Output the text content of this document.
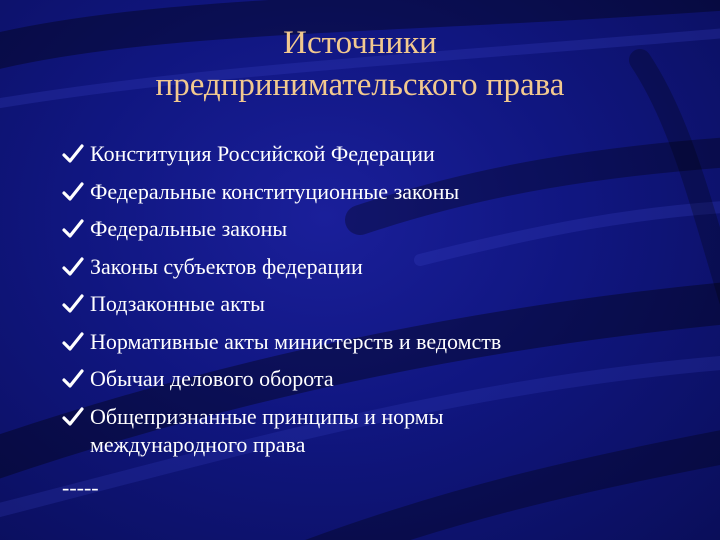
Источники
предпринимательского права
Конституция Российской Федерации
Федеральные конституционные законы
Федеральные законы
Законы субъектов федерации
Подзаконные акты
Нормативные акты министерств и ведомств
Обычаи делового оборота
Общепризнанные принципы и нормы международного права
-----
